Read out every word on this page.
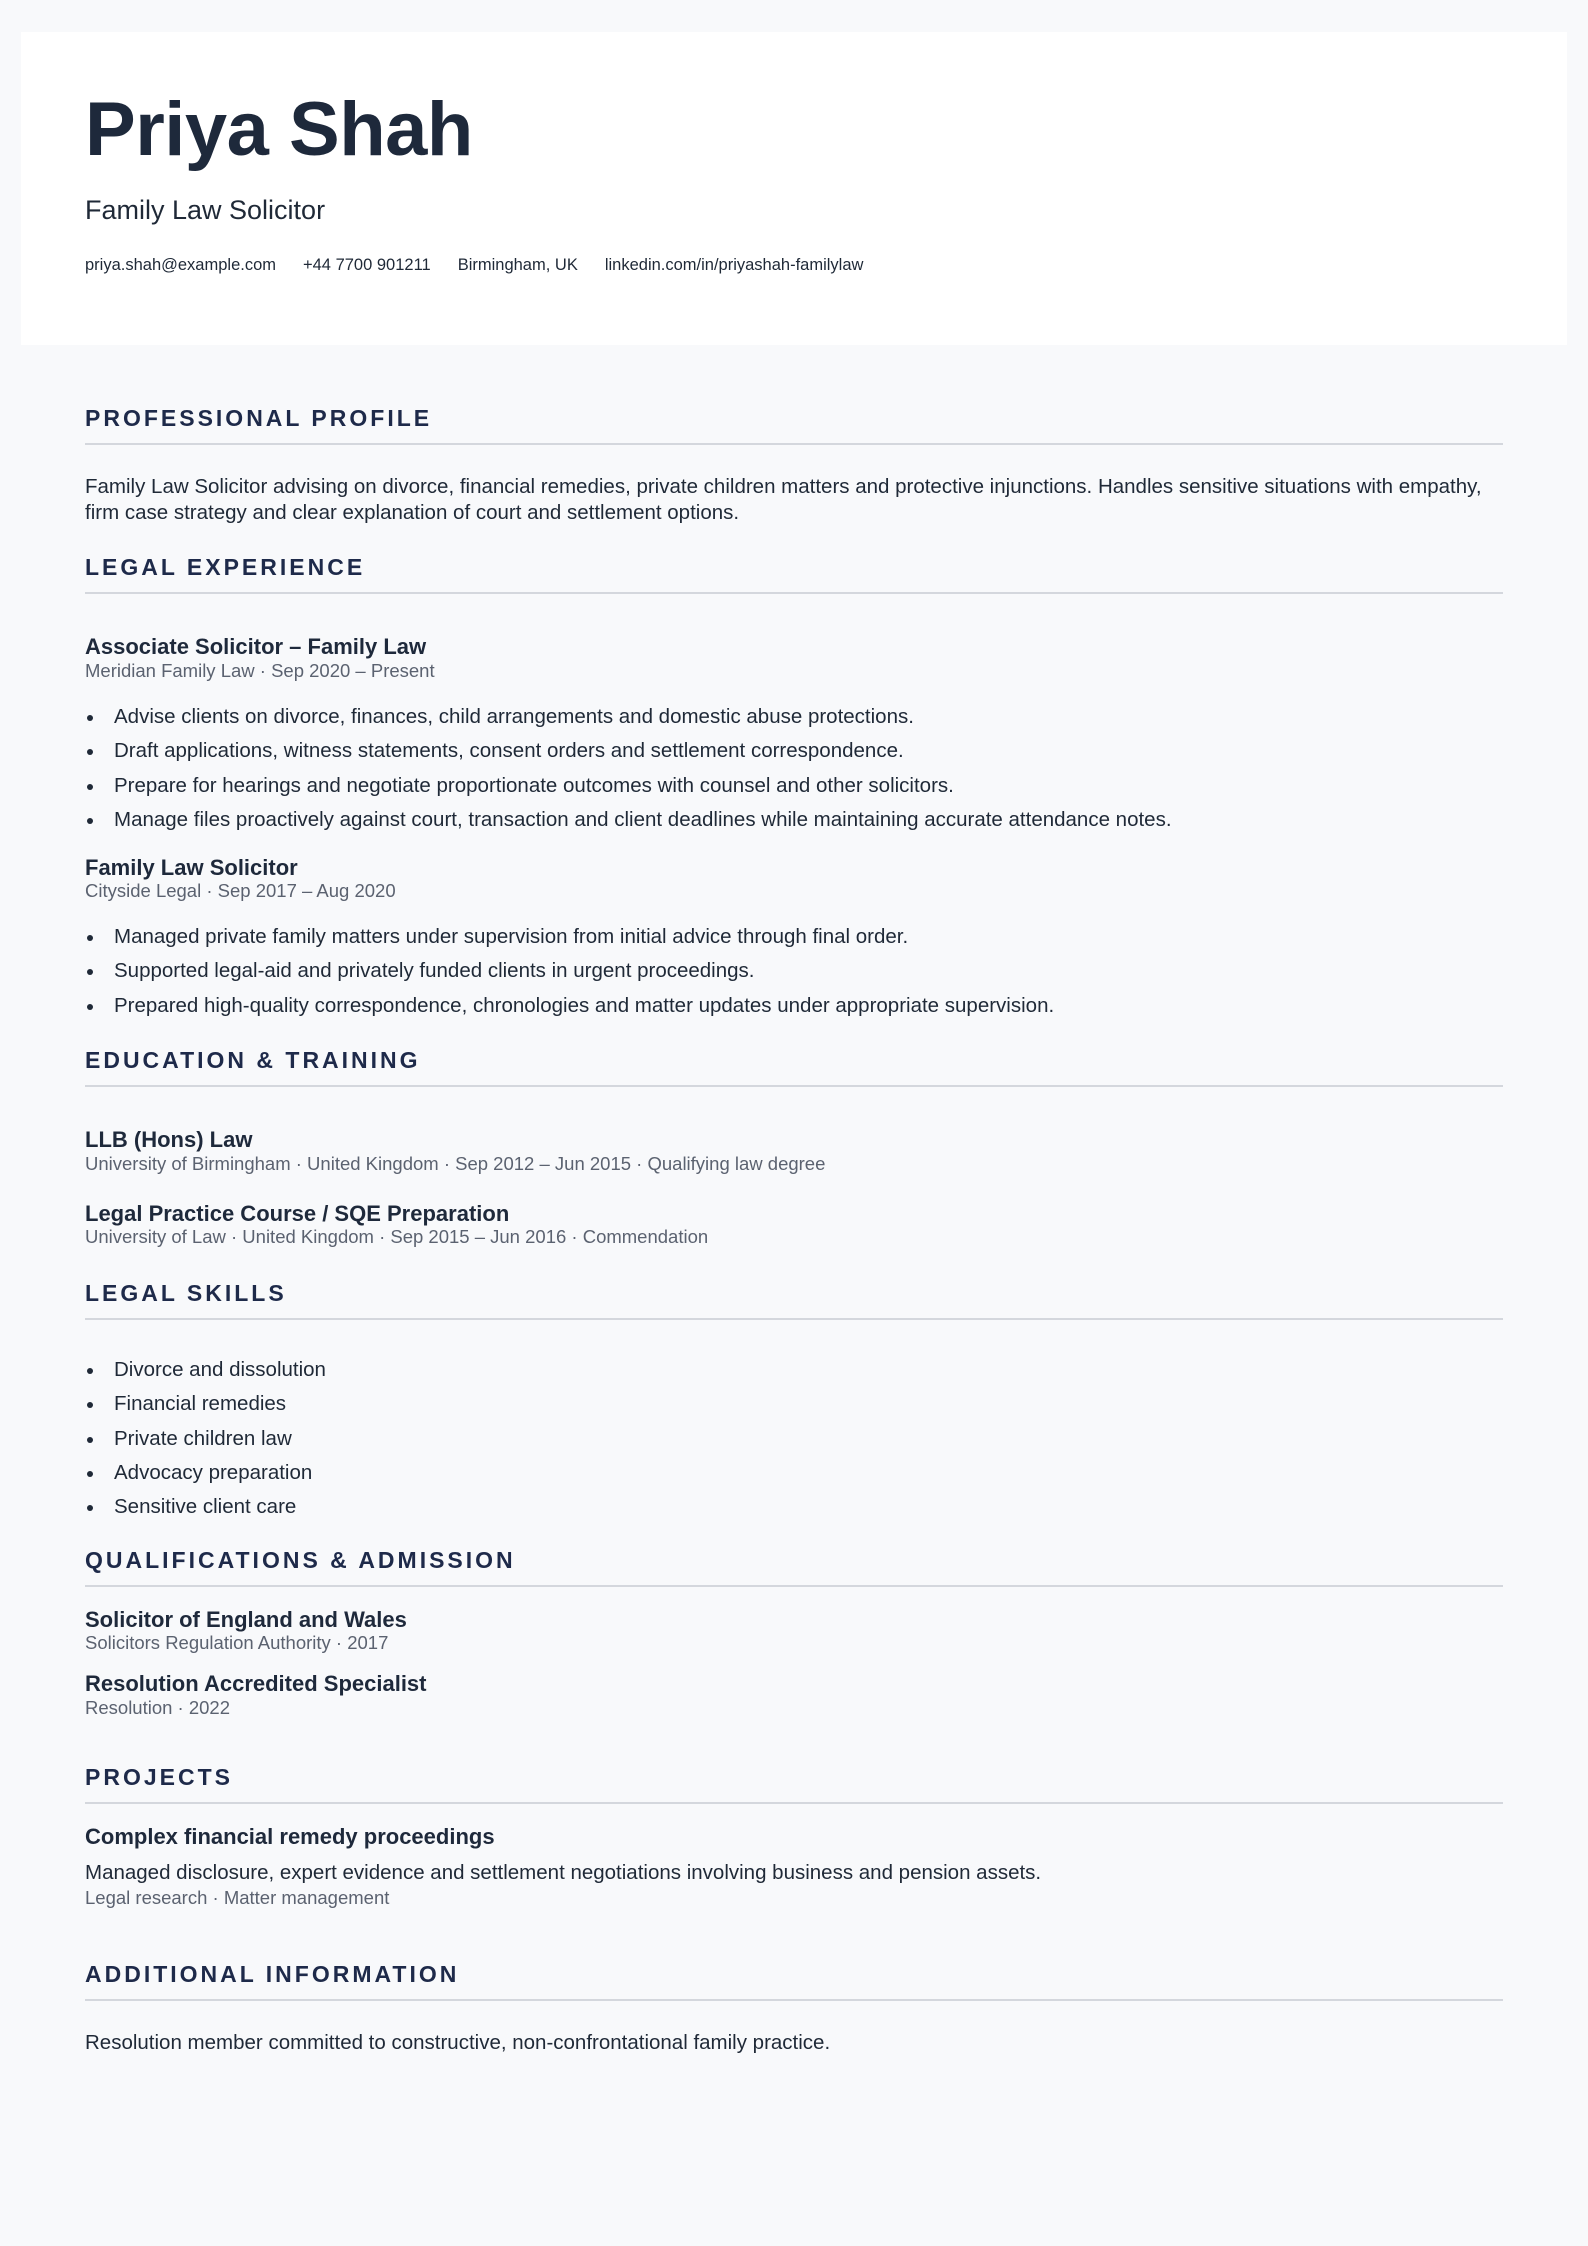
Priya Shah
Family Law Solicitor
priya.shah@example.com +44 7700 901211 Birmingham, UK linkedin.com/in/priyashah-familylaw
PROFESSIONAL PROFILE
Family Law Solicitor advising on divorce, financial remedies, private children matters and protective injunctions. Handles sensitive situations with empathy, firm case strategy and clear explanation of court and settlement options.
LEGAL EXPERIENCE
Associate Solicitor – Family Law
Meridian Family Law · Sep 2020 – Present
Advise clients on divorce, finances, child arrangements and domestic abuse protections.
Draft applications, witness statements, consent orders and settlement correspondence.
Prepare for hearings and negotiate proportionate outcomes with counsel and other solicitors.
Manage files proactively against court, transaction and client deadlines while maintaining accurate attendance notes.
Family Law Solicitor
Cityside Legal · Sep 2017 – Aug 2020
Managed private family matters under supervision from initial advice through final order.
Supported legal-aid and privately funded clients in urgent proceedings.
Prepared high-quality correspondence, chronologies and matter updates under appropriate supervision.
EDUCATION & TRAINING
LLB (Hons) Law
University of Birmingham · United Kingdom · Sep 2012 – Jun 2015 · Qualifying law degree
Legal Practice Course / SQE Preparation
University of Law · United Kingdom · Sep 2015 – Jun 2016 · Commendation
LEGAL SKILLS
Divorce and dissolution
Financial remedies
Private children law
Advocacy preparation
Sensitive client care
QUALIFICATIONS & ADMISSION
Solicitor of England and Wales
Solicitors Regulation Authority · 2017
Resolution Accredited Specialist
Resolution · 2022
PROJECTS
Complex financial remedy proceedings
Managed disclosure, expert evidence and settlement negotiations involving business and pension assets.
Legal research · Matter management
ADDITIONAL INFORMATION
Resolution member committed to constructive, non-confrontational family practice.
